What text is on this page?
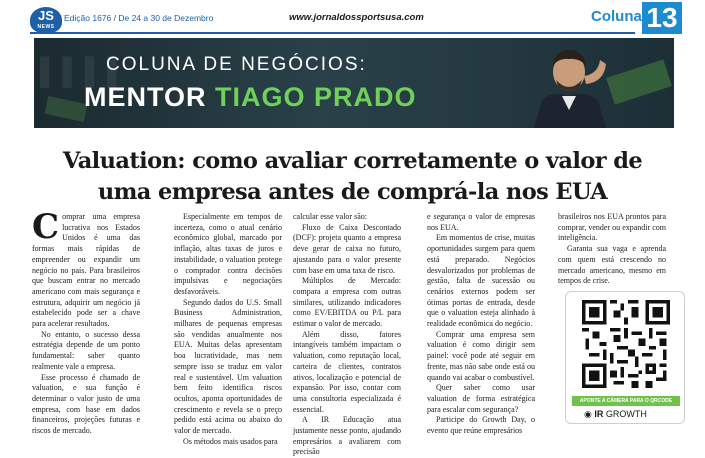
JS
NEWS
Edição 1676 / De 24 a 30 de Dezembro	www.jornaldossportsusa.com	Coluna 13
▌▌▌▌
COLUNA DE NEGÓCIOS:
MENTOR TIAGO PRADO
Valuation: como avaliar corretamente o valor de
uma empresa antes de comprá-la nos EUA

Comprar uma empresa lucrativa nos Estados Unidos é uma das formas mais rápidas de empreender ou expandir um negócio no país. Para brasileiros que buscam entrar no mercado americano com mais segurança e estrutura, adquirir um negócio já estabelecido pode ser a chave para acelerar resultados.

No entanto, o sucesso dessa estratégia depende de um ponto fundamental: saber quanto realmente vale a empresa.

Esse processo é chamado de valuation, e sua função é determinar o valor justo de uma empresa, com base em dados financeiros, projeções futuras e riscos de mercado.

Especialmente em tempos de incerteza, como o atual cenário econômico global, marcado por inflação, altas taxas de juros e instabilidade, o valuation protege o comprador contra decisões impulsivas e negociações desfavoráveis.

Segundo dados do U.S. Small Business Administration, milhares de pequenas empresas são vendidas anualmente nos EUA. Muitas delas apresentam boa lucratividade, mas nem sempre isso se traduz em valor real e sustentável. Um valuation bem feito identifica riscos ocultos, aponta oportunidades de crescimento e revela se o preço pedido está acima ou abaixo do valor de mercado.

Os métodos mais usados para

calcular esse valor são:

Fluxo de Caixa Descontado (DCF): projeta quanto a empresa deve gerar de caixa no futuro, ajustando para o valor presente com base em uma taxa de risco.

Múltiplos de Mercado: compara a empresa com outras similares, utilizando indicadores como EV/EBITDA ou P/L para estimar o valor de mercado.

Além disso, fatores intangíveis também impactam o valuation, como reputação local, carteira de clientes, contratos ativos, localização e potencial de expansão. Por isso, contar com uma consultoria especializada é essencial.

A IR Educação atua justamente nesse ponto, ajudando empresários a avaliarem com precisão

e segurança o valor de empresas nos EUA.

Em momentos de crise, muitas oportunidades surgem para quem está preparado. Negócios desvalorizados por problemas de gestão, falta de sucessão ou cenários externos podem ser ótimas portas de entrada, desde que o valuation esteja alinhado à realidade econômica do negócio.

Comprar uma empresa sem valuation é como dirigir sem painel: você pode até seguir em frente, mas não sabe onde está ou quando vai acabar o combustível.

Quer saber como usar valuation de forma estratégica para escalar com segurança?

Participe do Growth Day, o evento que reúne empresários

brasileiros nos EUA prontos para comprar, vender ou expandir com inteligência.

Garanta sua vaga e aprenda com quem está crescendo no mercado americano, mesmo em tempos de crise.

APONTE A CÂMERA PARA O QRCODE
◉ IR GROWTH
